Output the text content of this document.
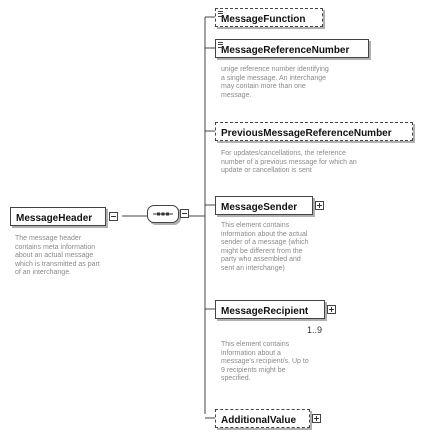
MessageHeader
The message header
contains meta information
about an actual message
which is transmitted as part
of an interchange.
MessageFunction
MessageReferenceNumber
unige reference number identifying
a single message. An interchange
may contain more than one
message.
PreviousMessageReferenceNumber
For updates/cancellations, the reference
number of a previous message for which an
update or cancellation is sent
MessageSender
This element contains
information about the actual
sender of a message (which
might be different from the
party who assembled and
sent an interchange)
MessageRecipient
1..9
This element contains
information about a
message's recipient/s. Up to
9 recipients might be
specified.
AdditionalValue
